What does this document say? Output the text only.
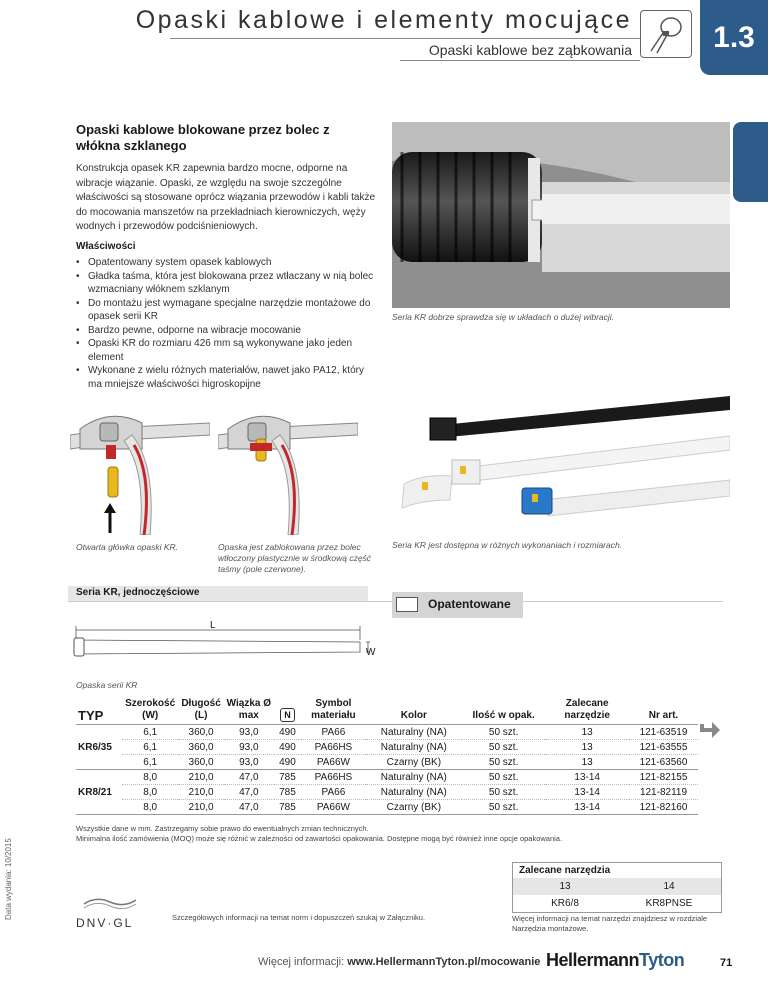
Opaski kablowe i elementy mocujące
Opaski kablowe bez ząbkowania	1.3
Opaski kablowe blokowane przez bolec z włókna szklanego

Konstrukcja opasek KR zapewnia bardzo mocne, odporne na wibracje wiązanie. Opaski, ze względu na swoje szczególne właściwości są stosowane oprócz wiązania przewodów i kabli także do mocowania manszetów na przekładniach kierowniczych, węży wodnych i przewodów podciśnieniowych.

Właściwości
• Opatentowany system opasek kablowych
• Gładka taśma, która jest blokowana przez wtłaczany w nią bolec wzmacniany włóknem szklanym
• Do montażu jest wymagane specjalne narzędzie montażowe do opasek serii KR
• Bardzo pewne, odporne na wibracje mocowanie
• Opaski KR do rozmiaru 426 mm są wykonywane jako jeden element
• Wykonane z wielu różnych materiałów, nawet jako PA12, który ma mniejsze właściwości higroskopijne
Seria KR dobrze sprawdza się w układach o dużej wibracji.
Otwarta główka opaski KR.	Opaska jest zablokowana przez bolec wtłoczony plastycznie w środkową część taśmy (pole czerwone).
Seria KR jest dostępna w różnych wykonaniach i rozmiarach.
Seria KR, jednoczęściowe
Opatentowane
L
W
Opaska serii KR
TYP	Szerokość (W)	Długość (L)	Wiązka Ø max	N	Symbol materiału	Kolor	Ilość w opak.	Zalecane narzędzie	Nr art.
KR6/35	6,1	360,0	93,0	490	PA66	Naturalny (NA)	50 szt.	13	121-63519
	6,1	360,0	93,0	490	PA66HS	Naturalny (NA)	50 szt.	13	121-63555
	6,1	360,0	93,0	490	PA66W	Czarny (BK)	50 szt.	13	121-63560
KR8/21	8,0	210,0	47,0	785	PA66HS	Naturalny (NA)	50 szt.	13-14	121-82155
	8,0	210,0	47,0	785	PA66	Naturalny (NA)	50 szt.	13-14	121-82119
	8,0	210,0	47,0	785	PA66W	Czarny (BK)	50 szt.	13-14	121-82160
Wszystkie dane w mm. Zastrzegamy sobie prawo do ewentualnych zmian technicznych.
Minimalna ilość zamówienia (MOQ) może się różnić w zależności od zawartości opakowania. Dostępne mogą być również inne opcje opakowania.
Data wydania: 10/2015	Zalecane narzędzia
13	14
KR6/8	KR8PNSE
Więcej informacji na temat narzędzi znajdziesz w rozdziale Narzędzia montażowe.
Szczegółowych informacji na temat norm i dopuszczeń szukaj w Załączniku.
DNV·GL
Więcej informacji: www.HellermannTyton.pl/mocowanie HellermannTyton	71
